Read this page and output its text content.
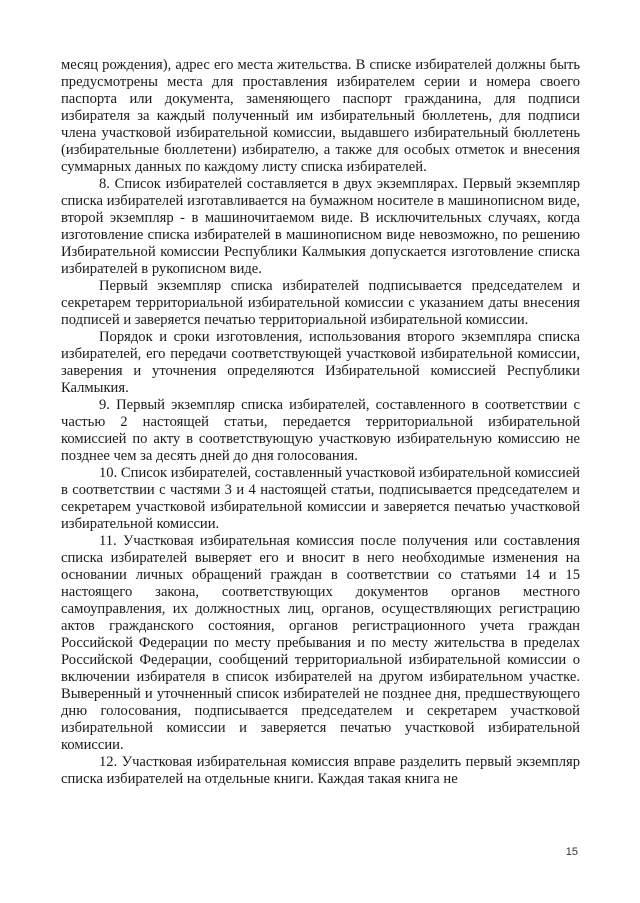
месяц рождения), адрес его места жительства. В списке избирателей должны быть предусмотрены места для проставления избирателем серии и номера своего паспорта или документа, заменяющего паспорт гражданина, для подписи избирателя за каждый полученный им избирательный бюллетень, для подписи члена участковой избирательной комиссии, выдавшего избирательный бюллетень (избирательные бюллетени) избирателю, а также для особых отметок и внесения суммарных данных по каждому листу списка избирателей.

8. Список избирателей составляется в двух экземплярах. Первый экземпляр списка избирателей изготавливается на бумажном носителе в машинописном виде, второй экземпляр - в машиночитаемом виде. В исключительных случаях, когда изготовление списка избирателей в машинописном виде невозможно, по решению Избирательной комиссии Республики Калмыкия допускается изготовление списка избирателей в рукописном виде.

Первый экземпляр списка избирателей подписывается председателем и секретарем территориальной избирательной комиссии с указанием даты внесения подписей и заверяется печатью территориальной избирательной комиссии.

Порядок и сроки изготовления, использования второго экземпляра списка избирателей, его передачи соответствующей участковой избирательной комиссии, заверения и уточнения определяются Избирательной комиссией Республики Калмыкия.

9. Первый экземпляр списка избирателей, составленного в соответствии с частью 2 настоящей статьи, передается территориальной избирательной комиссией по акту в соответствующую участковую избирательную комиссию не позднее чем за десять дней до дня голосования.

10. Список избирателей, составленный участковой избирательной комиссией в соответствии с частями 3 и 4 настоящей статьи, подписывается председателем и секретарем участковой избирательной комиссии и заверяется печатью участковой избирательной комиссии.

11. Участковая избирательная комиссия после получения или составления списка избирателей выверяет его и вносит в него необходимые изменения на основании личных обращений граждан в соответствии со статьями 14 и 15 настоящего закона, соответствующих документов органов местного самоуправления, их должностных лиц, органов, осуществляющих регистрацию актов гражданского состояния, органов регистрационного учета граждан Российской Федерации по месту пребывания и по месту жительства в пределах Российской Федерации, сообщений территориальной избирательной комиссии о включении избирателя в список избирателей на другом избирательном участке. Выверенный и уточненный список избирателей не позднее дня, предшествующего дню голосования, подписывается председателем и секретарем участковой избирательной комиссии и заверяется печатью участковой избирательной комиссии.

12. Участковая избирательная комиссия вправе разделить первый экземпляр списка избирателей на отдельные книги. Каждая такая книга не

15
